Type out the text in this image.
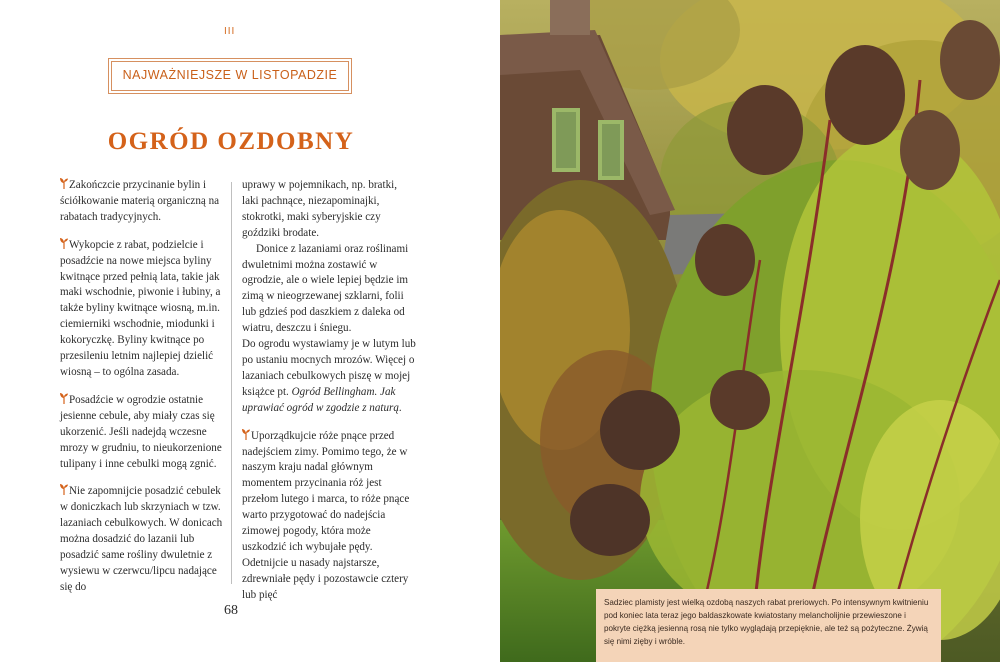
III
NAJWAŻNIEJSZE W LISTOPADZIE
OGRÓD OZDOBNY

Zakończcie przycinanie bylin i ściółkowanie materią organiczną na rabatach tradycyjnych.

Wykopcie z rabat, podzielcie i posadźcie na nowe miejsca byliny kwitnące przed pełnią lata, takie jak maki wschodnie, piwonie i łubiny, a także byliny kwitnące wiosną, m.in. ciemierniki wschodnie, miodunki i kokoryczkę. Byliny kwitnące po przesileniu letnim najlepiej dzielić wiosną – to ogólna zasada.

Posadźcie w ogrodzie ostatnie jesienne cebule, aby miały czas się ukorzenić. Jeśli nadejdą wczesne mrozy w grudniu, to nieukorzenione tulipany i inne cebulki mogą zgnić.

Nie zapomnijcie posadzić cebulek w doniczkach lub skrzyniach w tzw. lazaniach cebulkowych. W donicach można dosadzić do lazanii lub posadzić same rośliny dwuletnie z wysiewu w czerwcu/lipcu nadające się do

uprawy w pojemnikach, np. bratki, laki pachnące, niezapominajki, stokrotki, maki syberyjskie czy goździki brodate.

Donice z lazaniami oraz roślinami dwuletnimi można zostawić w ogrodzie, ale o wiele lepiej będzie im zimą w nieogrzewanej szklarni, folii lub gdzieś pod daszkiem z daleka od wiatru, deszczu i śniegu.

Do ogrodu wystawiamy je w lutym lub po ustaniu mocnych mrozów. Więcej o lazaniach cebulkowych piszę w mojej książce pt. Ogród Bellingham. Jak uprawiać ogród w zgodzie z naturą.

Uporządkujcie róże pnące przed nadejściem zimy. Pomimo tego, że w naszym kraju nadal głównym momentem przycinania róż jest przełom lutego i marca, to róże pnące warto przygotować do nadejścia zimowej pogody, która może uszkodzić ich wybujałe pędy. Odetnijcie u nasady najstarsze, zdrewniałe pędy i pozostawcie cztery lub pięć

68
Sadziec plamisty jest wielką ozdobą naszych rabat preriowych. Po intensywnym kwitnieniu pod koniec lata teraz jego baldaszkowate kwiatostany melancholijnie przewieszone i pokryte ciężką jesienną rosą nie tylko wyglądają przepięknie, ale też są pożyteczne. Żywią się nimi zięby i wróble.
